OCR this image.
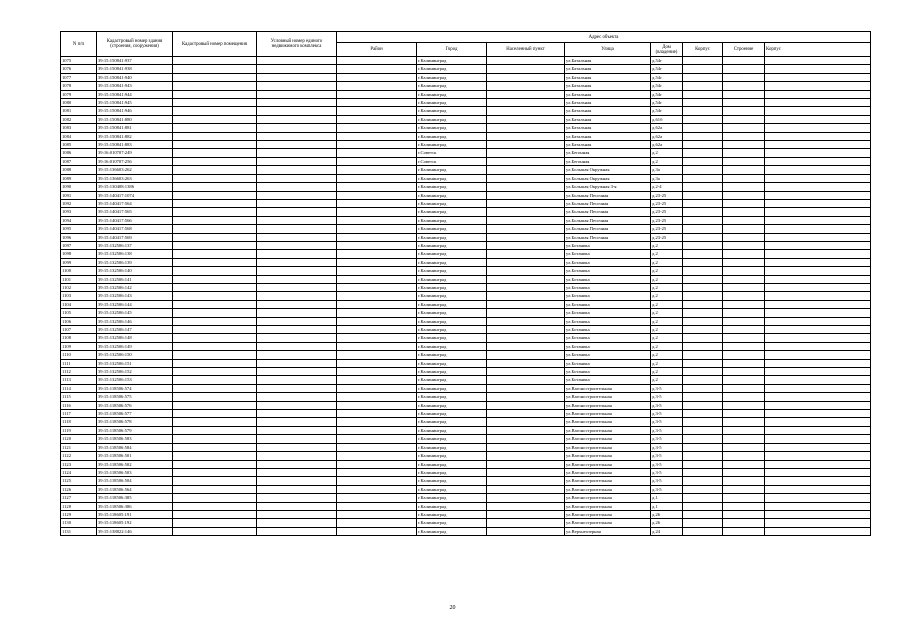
N п/п	Кадастровый номер здания (строения, сооружения)	Кадастровый номер помещения	Условный номер единого недвижимого комплекса	Адрес объекта							
				Район	Город	Населенный пункт	Улица	Дом (владение)	Корпус	Строение	Корпус
1075	39:15:150841:937				г.Калининград		ул.Батальная	д.54г			
1076	39:15:150841:938				г.Калининград		ул.Батальная	д.54г			
1077	39:15:150841:940				г.Калининград		ул.Батальная	д.54г			
1078	39:15:150841:943				г.Калининград		ул.Батальная	д.54г			
1079	39:15:150841:944				г.Калининград		ул.Батальная	д.54г			
1080	39:15:150841:945				г.Калининград		ул.Батальная	д.54г			
1081	39:15:150841:946				г.Калининград		ул.Батальная	д.54г			
1082	39:15:150841:880				г.Калининград		ул.Батальная	д.61б			
1083	39:15:150841:881				г.Калининград		ул.Батальная	д.62а			
1084	39:15:150841:882				г.Калининград		ул.Батальная	д.62а			
1085	39:15:150841:883				г.Калининград		ул.Батальная	д.62а			
1086	39:16:010707:249				г.Советск		ул.Бегонная	д.2			
1087	39:16:010707:256				г.Советск		ул.Бегонная	д.2			
1088	39:15:136603:262				г.Калининград		ул.Большая Окружная	д.3а			
1089	39:15:136603:263				г.Калининград		ул.Большая Окружная	д.3а			
1090	39:15:130408:1386				г.Калининград		ул.Большая Окружная 3-я	д.2-4			
1091	39:15:140417:1074				г.Калининград		ул.Большая Песочная	д.23-25			
1092	39:15:140417:564				г.Калининград		ул.Большая Песочная	д.23-25			
1093	39:15:140417:565				г.Калининград		ул.Большая Песочная	д.23-25			
1094	39:15:140417:566				г.Калининград		ул.Большая Песочная	д.23-25			
1095	39:15:140417:568				г.Калининград		ул.Большая Песочная	д.23-25			
1096	39:15:140417:569				г.Калининград		ул.Большая Песочная	д.23-25			
1097	39:15:132506:137				г.Калининград		ул.Ботаника	д.2			
1098	39:15:132506:138				г.Калининград		ул.Ботаника	д.2			
1099	39:15:132506:139				г.Калининград		ул.Ботаника	д.2			
1100	39:15:132506:140				г.Калининград		ул.Ботаника	д.2			
1101	39:15:132506:141				г.Калининград		ул.Ботаника	д.2			
1102	39:15:132506:142				г.Калининград		ул.Ботаника	д.2			
1103	39:15:132506:143				г.Калининград		ул.Ботаника	д.2			
1104	39:15:132506:144				г.Калининград		ул.Ботаника	д.2			
1105	39:15:132506:145				г.Калининград		ул.Ботаника	д.2			
1106	39:15:132506:146				г.Калининград		ул.Ботаника	д.2			
1107	39:15:132506:147				г.Калининград		ул.Ботаника	д.2			
1108	39:15:132506:148				г.Калининград		ул.Ботаника	д.2			
1109	39:15:132506:149				г.Калининград		ул.Ботаника	д.2			
1110	39:15:132506:150				г.Калининград		ул.Ботаника	д.2			
1111	39:15:132506:151				г.Калининград		ул.Ботаника	д.2			
1112	39:15:132506:152				г.Калининград		ул.Ботаника	д.2			
1113	39:15:132506:153				г.Калининград		ул.Ботаника	д.2			
1114	39:15:118506:574				г.Калининград		ул.Вагоностроительная	д.3-5			
1115	39:15:118506:575				г.Калининград		ул.Вагоностроительная	д.3-5			
1116	39:15:118506:576				г.Калининград		ул.Вагоностроительная	д.3-5			
1117	39:15:118506:577				г.Калининград		ул.Вагоностроительная	д.3-5			
1118	39:15:118506:578				г.Калининград		ул.Вагоностроительная	д.3-5			
1119	39:15:118506:579				г.Калининград		ул.Вагоностроительная	д.3-5			
1120	39:15:118506:583				г.Калининград		ул.Вагоностроительная	д.3-5			
1121	39:15:118506:584				г.Калининград		ул.Вагоностроительная	д.3-5			
1122	39:15:118506:501				г.Калининград		ул.Вагоностроительная	д.3-5			
1123	39:15:118506:502				г.Калининград		ул.Вагоностроительная	д.3-5			
1124	39:15:118506:503				г.Калининград		ул.Вагоностроительная	д.3-5			
1125	39:15:118506:504				г.Калининград		ул.Вагоностроительная	д.3-5			
1126	39:15:118506:564				г.Калининград		ул.Вагоностроительная	д.3-5			
1127	39:15:118506:385				г.Калининград		ул.Вагоностроительная	д.1			
1128	39:15:118506:386				г.Калининград		ул.Вагоностроительная	д.1			
1129	39:15:118605:191				г.Калининград		ул.Вагоностроительная	д.26			
1130	39:15:118605:192				г.Калининград		ул.Вагоностроительная	д.26			
1131	39:15:138822:146				г.Калининград		ул.Верхнеозерная	д.24			
20
